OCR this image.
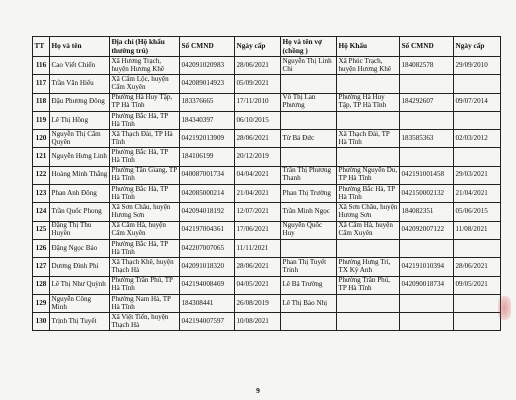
TT	Họ và tên	Địa chỉ (Hộ khẩu thường trú)	Số CMND	Ngày cấp	Họ và tên vợ (chồng )	Hộ Khẩu	Số CMND	Ngày cấp
116	Cao Viết Chiến	Xã Hương Trạch, huyện Hương Khê	042091020983	28/06/2021	Nguyễn Thị Linh Chi	Xã Phúc Trạch, huyện Hương Khê	184082578	29/09/2010
117	Trần Văn Hiếu	Xã Cẩm Lộc, huyện Cẩm Xuyên	042089014923	05/09/2021				
118	Đậu Phương Đông	Phường Hà Huy Tập, TP Hà Tĩnh	183376665	17/11/2010	Võ Thị Lan Phương	Phường Hà Huy Tập, TP Hà Tĩnh	184292607	09/07/2014
119	Lê Thị Hồng	Phường Bắc Hà, TP Hà Tĩnh	184340397	06/10/2015				
120	Nguyễn Thị Cẩm Quyên	Xã Thạch Đài, TP Hà Tĩnh	042192013909	28/06/2021	Từ Bá Đức	Xã Thạch Đài, TP Hà Tĩnh	183585363	02/03/2012
121	Nguyễn Hưng Linh	Phường Bắc Hà, TP Hà Tĩnh	184106199	20/12/2019				
122	Hoàng Minh Thắng	Phường Tân Giang, TP Hà Tĩnh	040087001734	04/04/2021	Trần Thị Phương Thanh	Phường Nguyễn Du, TP Hà Tĩnh	042191001458	29/03/2021
123	Phan Anh Đông	Phường Bắc Hà, TP Hà Tĩnh	042085000214	21/04/2021	Phan Thị Trường	Phường Bắc Hà, TP Hà Tĩnh	042150002132	21/04/2021
124	Trần Quốc Phong	Xã Sơn Châu, huyện Hương Sơn	042094018192	12/07/2021	Trần Minh Ngọc	Xã Sơn Châu, huyện Hương Sơn	184082351	05/06/2015
125	Đặng Thị Thu Huyền	Xã Cẩm Hà, huyện Cẩm Xuyên	042197004361	17/06/2021	Nguyễn Quốc Huy	Xã Cẩm Hà, huyện Cẩm Xuyên	042092007122	11/08/2021
126	Đặng Ngọc Bảo	Phường Bắc Hà, TP Hà Tĩnh	042207007065	11/11/2021				
127	Dương Đình Phi	Xã Thạch Khê, huyện Thạch Hà	042091018320	28/06/2021	Phan Thị Tuyết Trinh	Phường Hưng Trí, TX Kỳ Anh	042191010394	28/06/2021
128	Lê Thị Như Quỳnh	Phường Trần Phú, TP Hà Tĩnh	042194008469	04/05/2021	Lê Bá Trường	Phường Trần Phú, TP Hà Tĩnh	042090018734	09/05/2021
129	Nguyễn Công Minh	Phường Nam Hà, TP Hà Tĩnh	184308441	26/08/2019	Lê Thị Bảo Nhị			
130	Trịnh Thị Tuyết	Xã Việt Tiến, huyện Thạch Hà	042194007597	10/08/2021				
9
